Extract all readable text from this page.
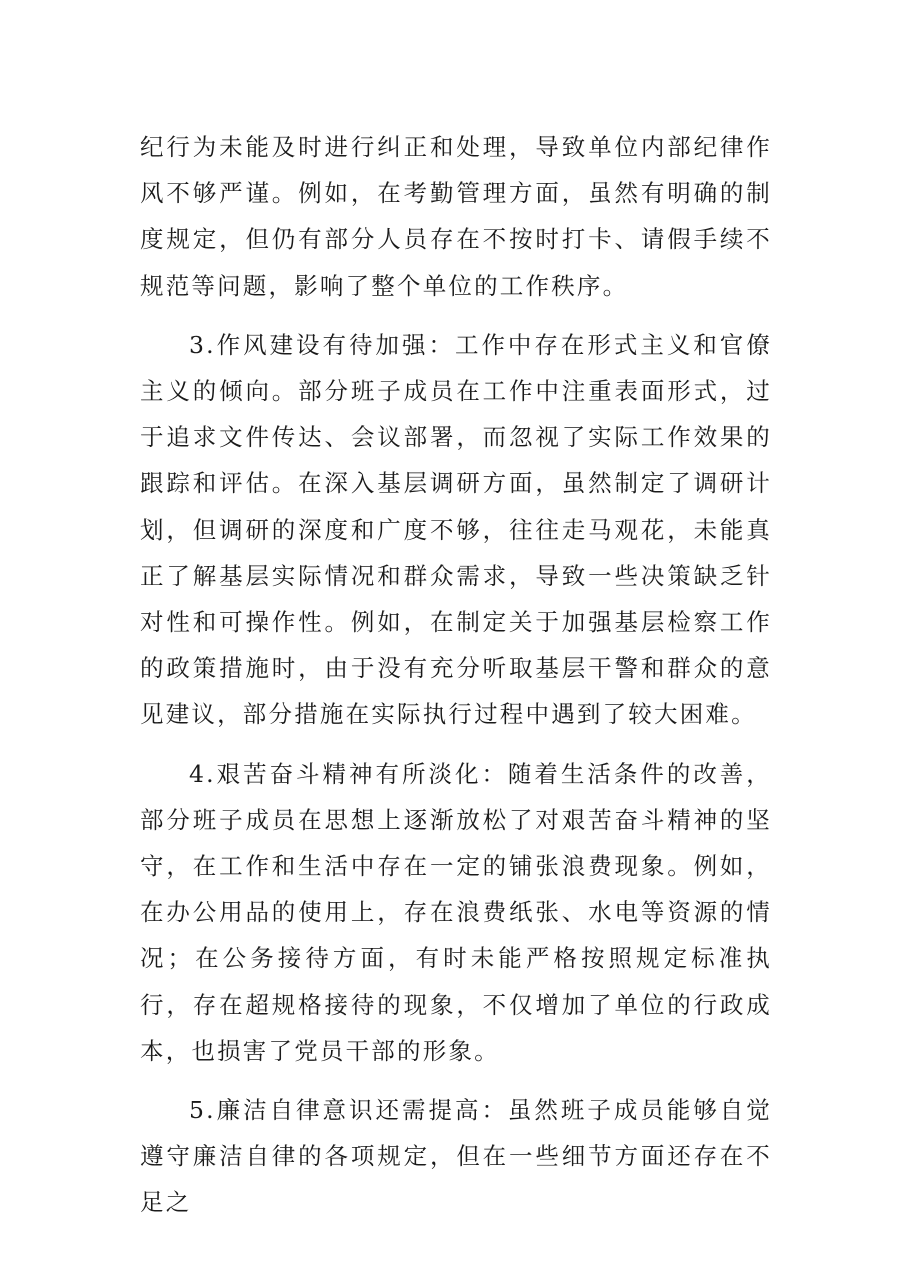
纪行为未能及时进行纠正和处理，导致单位内部纪律作风不够严谨。例如，在考勤管理方面，虽然有明确的制度规定，但仍有部分人员存在不按时打卡、请假手续不规范等问题，影响了整个单位的工作秩序。

3.作风建设有待加强：工作中存在形式主义和官僚主义的倾向。部分班子成员在工作中注重表面形式，过于追求文件传达、会议部署，而忽视了实际工作效果的跟踪和评估。在深入基层调研方面，虽然制定了调研计划，但调研的深度和广度不够，往往走马观花，未能真正了解基层实际情况和群众需求，导致一些决策缺乏针对性和可操作性。例如，在制定关于加强基层检察工作的政策措施时，由于没有充分听取基层干警和群众的意见建议，部分措施在实际执行过程中遇到了较大困难。

4.艰苦奋斗精神有所淡化：随着生活条件的改善，部分班子成员在思想上逐渐放松了对艰苦奋斗精神的坚守，在工作和生活中存在一定的铺张浪费现象。例如，在办公用品的使用上，存在浪费纸张、水电等资源的情况；在公务接待方面，有时未能严格按照规定标准执行，存在超规格接待的现象，不仅增加了单位的行政成本，也损害了党员干部的形象。

5.廉洁自律意识还需提高：虽然班子成员能够自觉遵守廉洁自律的各项规定，但在一些细节方面还存在不足之
